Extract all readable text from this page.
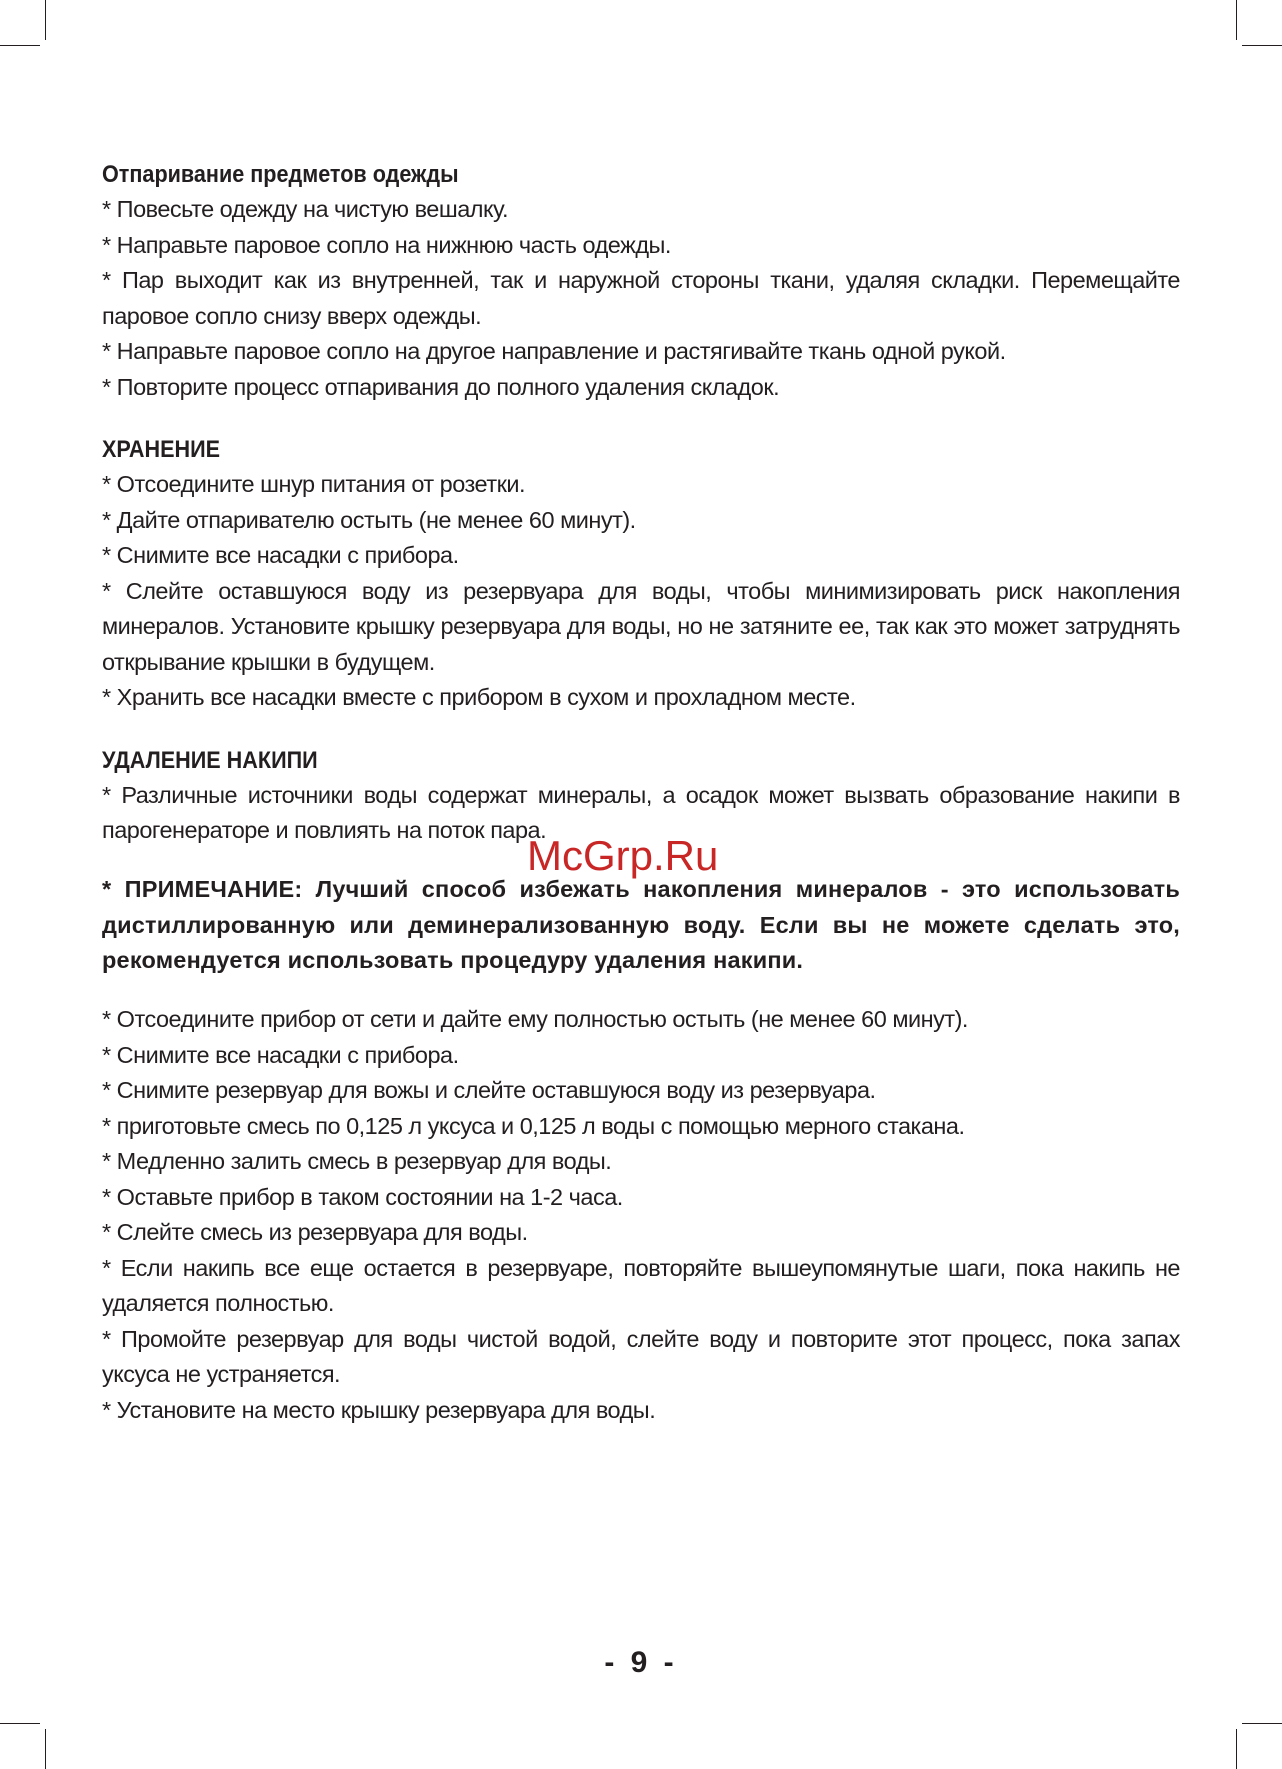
Отпаривание предметов одежды

* Повесьте одежду на чистую вешалку.

* Направьте паровое сопло на нижнюю часть одежды.

* Пар выходит как из внутренней, так и наружной стороны ткани, удаляя складки. Перемещайте паровое сопло снизу вверх одежды.

* Направьте паровое сопло на другое направление и растягивайте ткань одной рукой.

* Повторите процесс отпаривания до полного удаления складок.

ХРАНЕНИЕ

* Отсоедините шнур питания от розетки.

* Дайте отпаривателю остыть (не менее 60 минут).

* Снимите все насадки с прибора.

* Слейте оставшуюся воду из резервуара для воды, чтобы минимизировать риск накопления минералов. Установите крышку резервуара для воды, но не затяните ее, так как это может затруднять открывание крышки в будущем.

* Хранить все насадки вместе с прибором в сухом и прохладном месте.

УДАЛЕНИЕ НАКИПИ

* Различные источники воды содержат минералы, а осадок может вызвать образование накипи в парогенераторе и повлиять на поток пара.

* ПРИМЕЧАНИЕ: Лучший способ избежать накопления минералов - это использовать дистиллированную или деминерализованную воду. Если вы не можете сделать это, рекомендуется использовать процедуру удаления накипи.

* Отсоедините прибор от сети и дайте ему полностью остыть (не менее 60 минут).

* Снимите все насадки с прибора.

* Снимите резервуар для вожы и слейте оставшуюся воду из резервуара.

* приготовьте смесь по 0,125 л уксуса и 0,125 л воды с помощью мерного стакана.

* Медленно залить смесь в резервуар для воды.

* Оставьте прибор в таком состоянии на 1-2 часа.

* Слейте смесь из резервуара для воды.

* Если накипь все еще остается в резервуаре, повторяйте вышеупомянутые шаги, пока накипь не удаляется полностью.

* Промойте резервуар для воды чистой водой, слейте воду и повторите этот процесс, пока запах уксуса не устраняется.

* Установите на место крышку резервуара для воды.

McGrp.Ru
- 9 -
